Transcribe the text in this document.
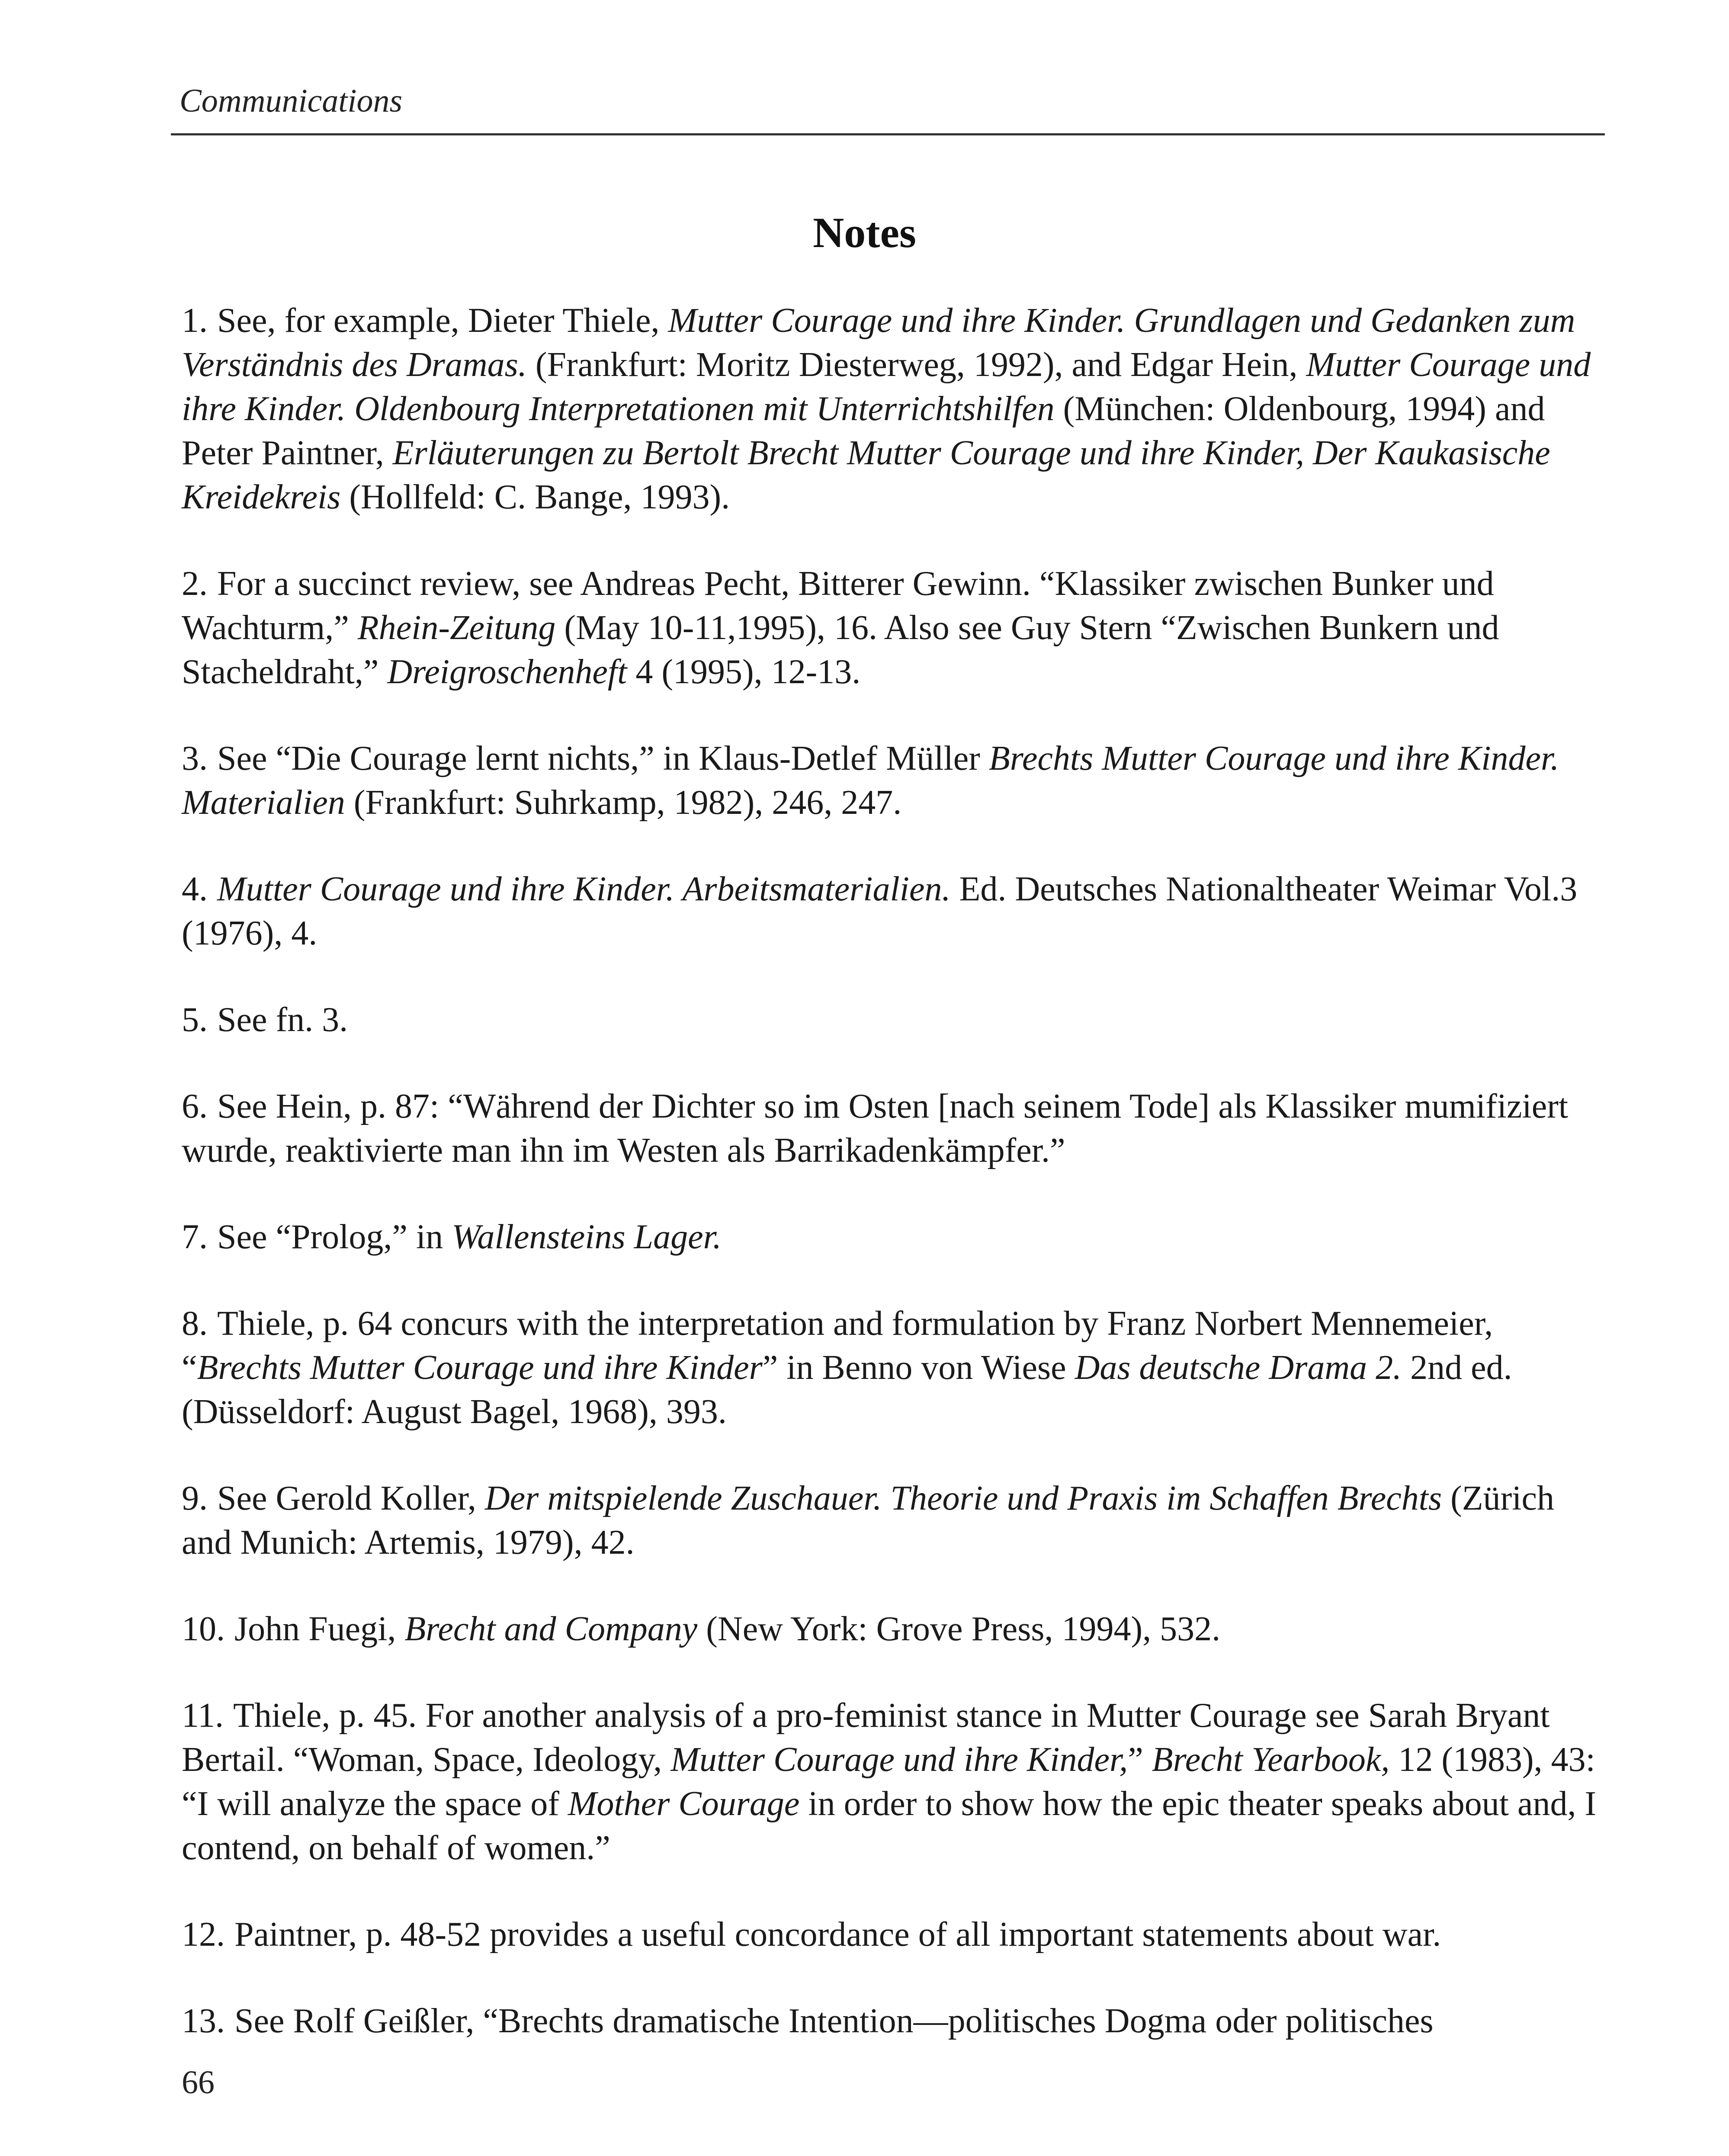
Communications
Notes

1. See, for example, Dieter Thiele, Mutter Courage und ihre Kinder. Grundlagen und Gedanken zum Verständnis des Dramas. (Frankfurt: Moritz Diesterweg, 1992), and Edgar Hein, Mutter Courage und ihre Kinder. Oldenbourg Interpretationen mit Unterrichtshilfen (München: Oldenbourg, 1994) and Peter Paintner, Erläuterungen zu Bertolt Brecht Mutter Courage und ihre Kinder, Der Kaukasische Kreidekreis (Hollfeld: C. Bange, 1993).

2. For a succinct review, see Andreas Pecht, Bitterer Gewinn. “Klassiker zwischen Bunker und Wachturm,” Rhein-Zeitung (May 10-11,1995), 16. Also see Guy Stern “Zwischen Bunkern und Stacheldraht,” Dreigroschenheft 4 (1995), 12-13.

3. See “Die Courage lernt nichts,” in Klaus-Detlef Müller Brechts Mutter Courage und ihre Kinder. Materialien (Frankfurt: Suhrkamp, 1982), 246, 247.

4. Mutter Courage und ihre Kinder. Arbeitsmaterialien. Ed. Deutsches Nationaltheater Weimar Vol.3 (1976), 4.

5. See fn. 3.

6. See Hein, p. 87: “Während der Dichter so im Osten [nach seinem Tode] als Klassiker mumifiziert wurde, reaktivierte man ihn im Westen als Barrikadenkämpfer.”

7. See “Prolog,” in Wallensteins Lager.

8. Thiele, p. 64 concurs with the interpretation and formulation by Franz Norbert Mennemeier, “Brechts Mutter Courage und ihre Kinder” in Benno von Wiese Das deutsche Drama 2. 2nd ed. (Düsseldorf: August Bagel, 1968), 393.

9. See Gerold Koller, Der mitspielende Zuschauer. Theorie und Praxis im Schaffen Brechts (Zürich and Munich: Artemis, 1979), 42.

10. John Fuegi, Brecht and Company (New York: Grove Press, 1994), 532.

11. Thiele, p. 45. For another analysis of a pro-feminist stance in Mutter Courage see Sarah Bryant Bertail. “Woman, Space, Ideology, Mutter Courage und ihre Kinder,” Brecht Yearbook, 12 (1983), 43: “I will analyze the space of Mother Courage in order to show how the epic theater speaks about and, I contend, on behalf of women.”

12. Paintner, p. 48-52 provides a useful concordance of all important statements about war.

13. See Rolf Geißler, “Brechts dramatische Intention—politisches Dogma oder politisches

66
